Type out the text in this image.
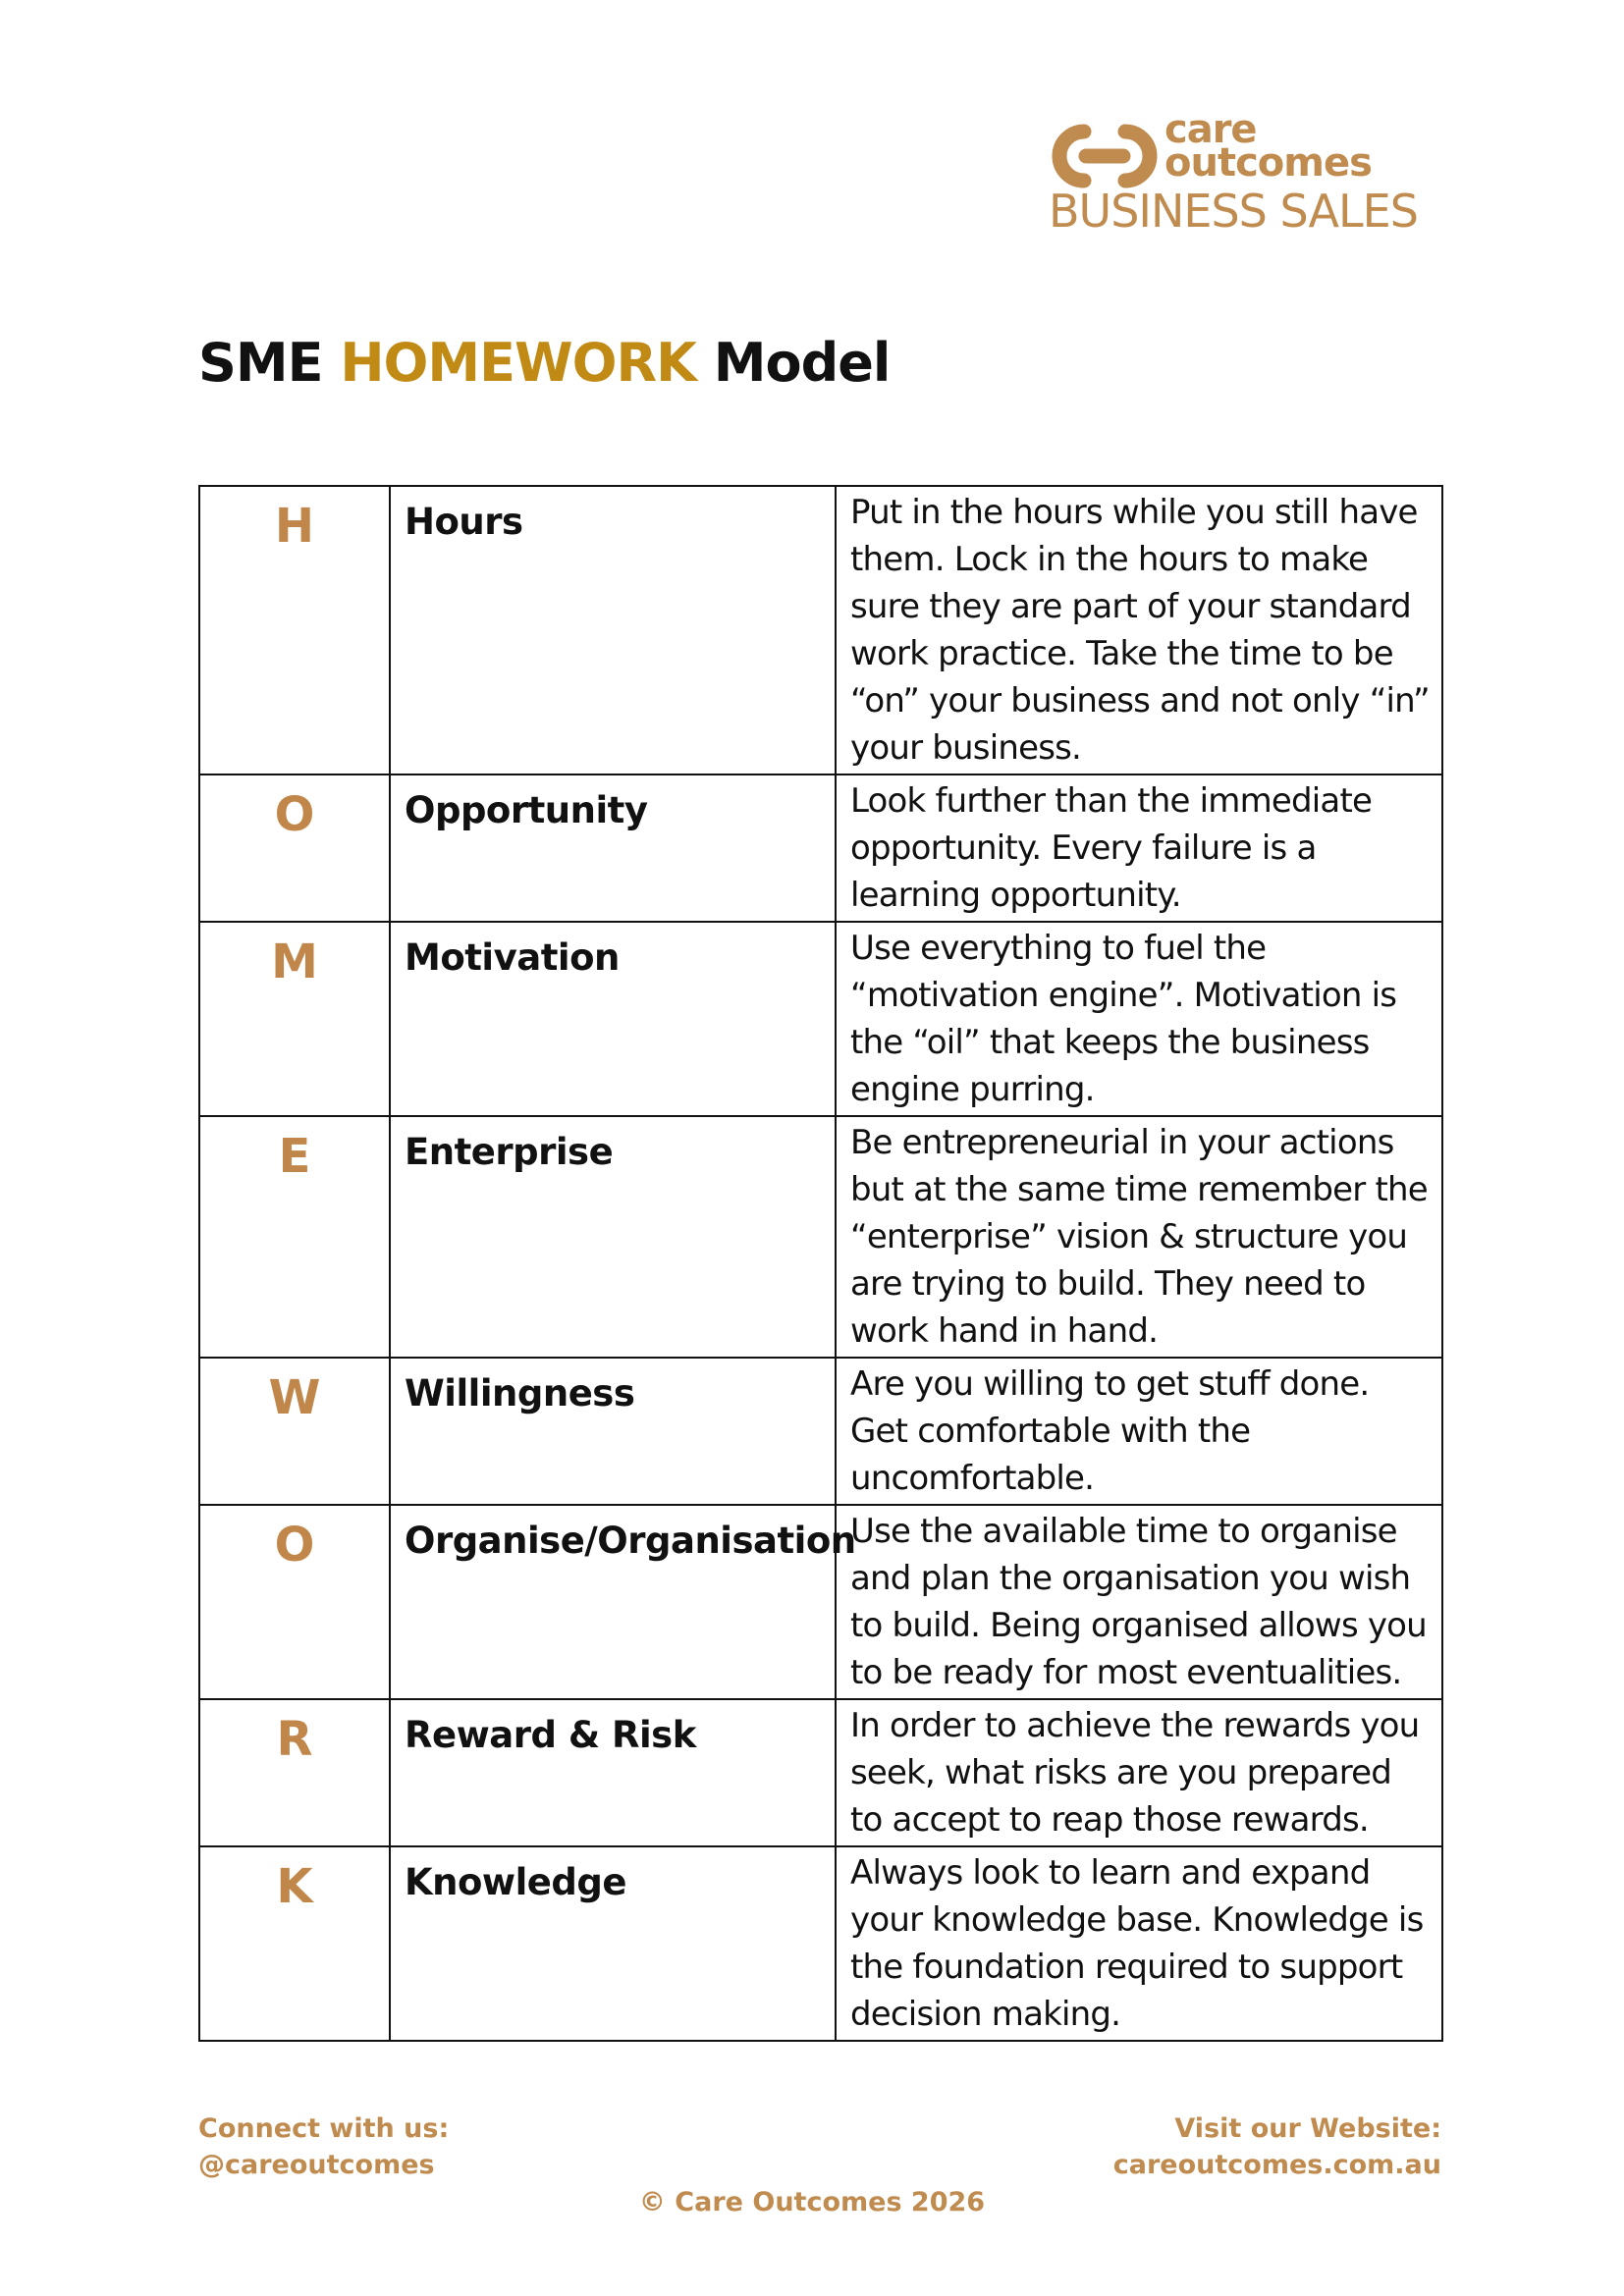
care

outcomes

BUSINESS SALES

SME HOMEWORK Model
H	Hours	Put in the hours while you still have them. Lock in the hours to make sure they are part of your standard work practice. Take the time to be “on” your business and not only “in” your business.
O	Opportunity	Look further than the immediate opportunity. Every failure is a learning opportunity.
M	Motivation	Use everything to fuel the “motivation engine”. Motivation is the “oil” that keeps the business engine purring.
E	Enterprise	Be entrepreneurial in your actions but at the same time remember the “enterprise” vision & structure you are trying to build. They need to work hand in hand.
W	Willingness	Are you willing to get stuff done. Get comfortable with the uncomfortable.
O	Organise/Organisation	Use the available time to organise and plan the organisation you wish to build. Being organised allows you to be ready for most eventualities.
R	Reward & Risk	In order to achieve the rewards you seek, what risks are you prepared to accept to reap those rewards.
K	Knowledge	Always look to learn and expand your knowledge base. Knowledge is the foundation required to support decision making.

Connect with us:

@careoutcomes

Visit our Website:

careoutcomes.com.au

© Care Outcomes 2026
